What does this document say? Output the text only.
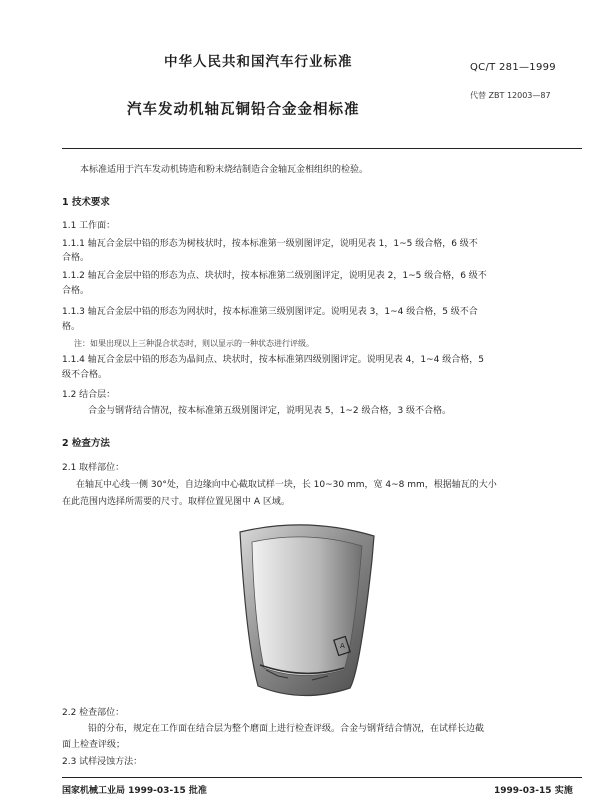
中华人民共和国汽车行业标准	QC/T 281—1999
代替 ZBT 12003—87
汽车发动机轴瓦铜铅合金金相标准
本标准适用于汽车发动机铸造和粉末烧结制造合金轴瓦金相组织的检验。
1 技术要求
1.1 工作面：
1.1.1 轴瓦合金层中铅的形态为树枝状时，按本标准第一级别图评定，说明见表 1，1~5 级合格，6 级不
合格。
1.1.2 轴瓦合金层中铅的形态为点、块状时，按本标准第二级别图评定，说明见表 2，1~5 级合格，6 级不
合格。
1.1.3 轴瓦合金层中铅的形态为网状时，按本标准第三级别图评定。说明见表 3，1~4 级合格，5 级不合
格。
注：如果出现以上三种混合状态时，则以显示的一种状态进行评级。
1.1.4 轴瓦合金层中铅的形态为晶间点、块状时，按本标准第四级别图评定。说明见表 4，1~4 级合格，5
级不合格。
1.2 结合层：
合金与钢背结合情况，按本标准第五级别图评定，说明见表 5，1~2 级合格，3 级不合格。
2 检查方法
2.1 取样部位：
在轴瓦中心线一侧 30°处，自边缘向中心截取试样一块，长 10~30 mm，宽 4~8 mm，根据轴瓦的大小
在此范围内选择所需要的尺寸。取样位置见图中 A 区域。
A
2.2 检查部位：
铅的分布，规定在工作面在结合层为整个磨面上进行检查评级。合金与钢背结合情况，在试样长边截
面上检查评级；
2.3 试样浸蚀方法：
国家机械工业局 1999-03-15 批准	1999-03-15 实施
